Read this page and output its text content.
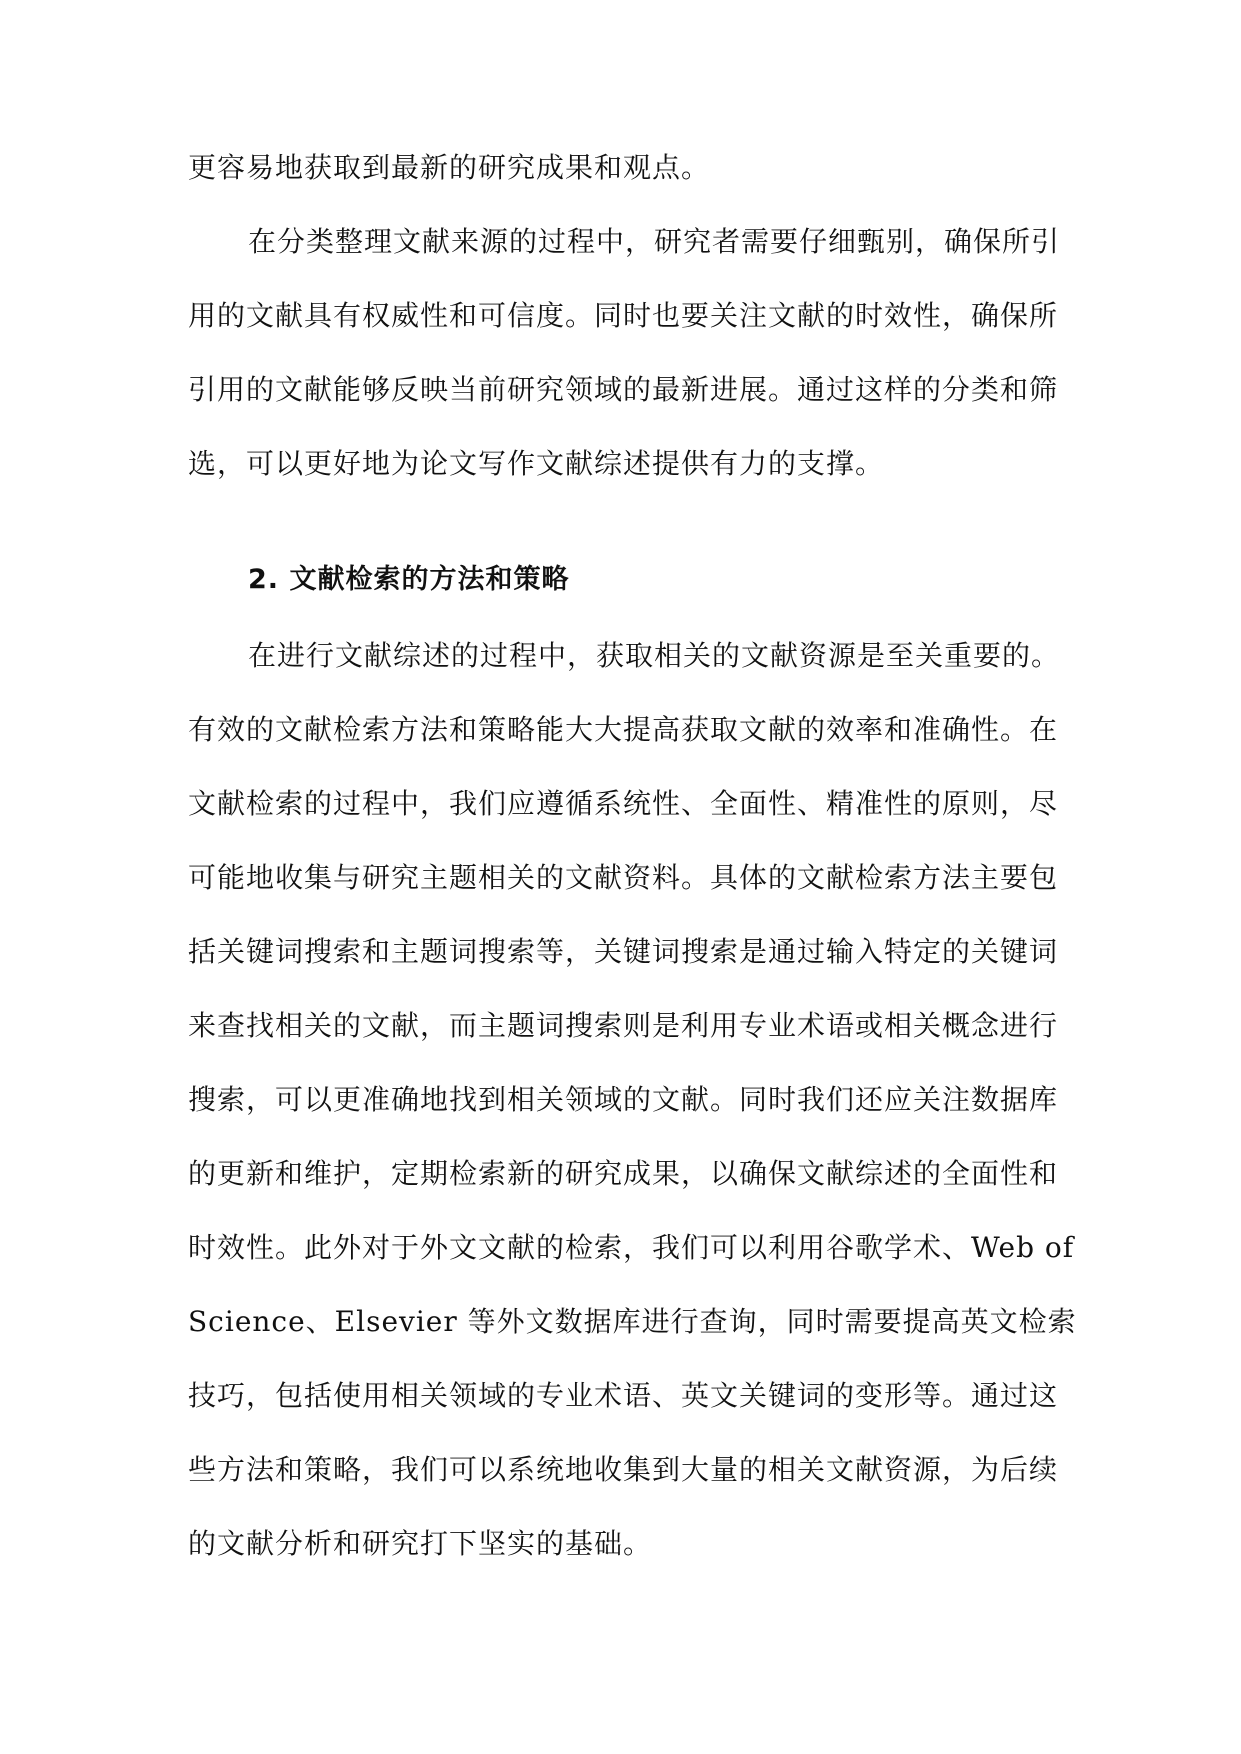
更容易地获取到最新的研究成果和观点。
在分类整理文献来源的过程中，研究者需要仔细甄别，确保所引
用的文献具有权威性和可信度。同时也要关注文献的时效性，确保所
引用的文献能够反映当前研究领域的最新进展。通过这样的分类和筛
选，可以更好地为论文写作文献综述提供有力的支撑。
2. 文献检索的方法和策略
在进行文献综述的过程中，获取相关的文献资源是至关重要的。
有效的文献检索方法和策略能大大提高获取文献的效率和准确性。在
文献检索的过程中，我们应遵循系统性、全面性、精准性的原则，尽
可能地收集与研究主题相关的文献资料。具体的文献检索方法主要包
括关键词搜索和主题词搜索等，关键词搜索是通过输入特定的关键词
来查找相关的文献，而主题词搜索则是利用专业术语或相关概念进行
搜索，可以更准确地找到相关领域的文献。同时我们还应关注数据库
的更新和维护，定期检索新的研究成果，以确保文献综述的全面性和
时效性。此外对于外文文献的检索，我们可以利用谷歌学术、Web of
Science、Elsevier 等外文数据库进行查询，同时需要提高英文检索
技巧，包括使用相关领域的专业术语、英文关键词的变形等。通过这
些方法和策略，我们可以系统地收集到大量的相关文献资源，为后续
的文献分析和研究打下坚实的基础。
